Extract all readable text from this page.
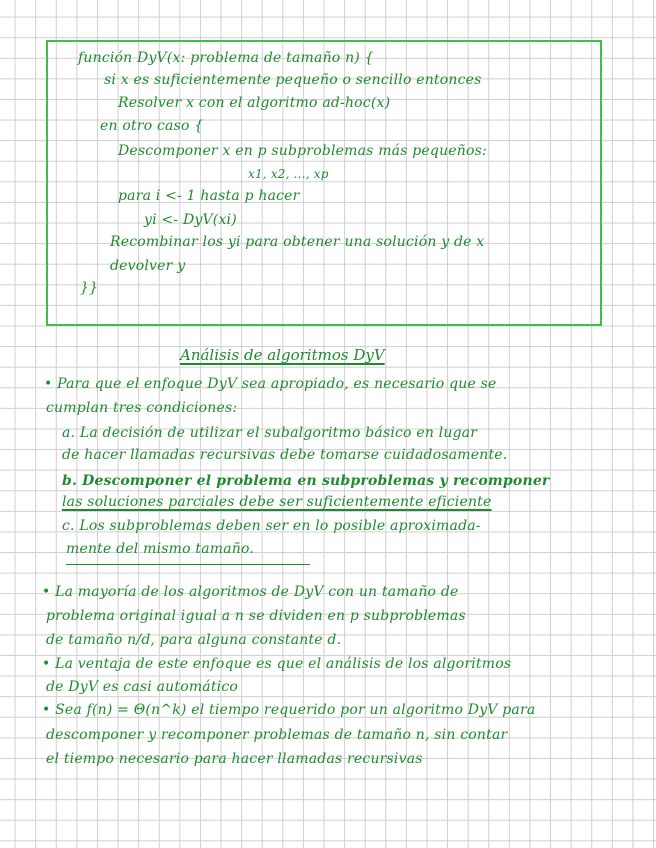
función DyV(x: problema de tamaño n) {
si x es suficientemente pequeño o sencillo entonces
Resolver x con el algoritmo ad-hoc(x)
en otro caso {
Descomponer x en p subproblemas más pequeños:
x1, x2, ..., xp
para i <- 1 hasta p hacer
yi <- DyV(xi)
Recombinar los yi para obtener una solución y de x
devolver y
}}
Análisis de algoritmos DyV
• Para que el enfoque DyV sea apropiado, es necesario que se
cumplan tres condiciones:
a. La decisión de utilizar el subalgoritmo básico en lugar
de hacer llamadas recursivas debe tomarse cuidadosamente.
b. Descomponer el problema en subproblemas y recomponer
las soluciones parciales debe ser suficientemente eficiente
c. Los subproblemas deben ser en lo posible aproximada-
mente del mismo tamaño.
• La mayoría de los algoritmos de DyV con un tamaño de
problema original igual a n se dividen en p subproblemas
de tamaño n/d, para alguna constante d.
• La ventaja de este enfoque es que el análisis de los algoritmos
de DyV es casi automático
• Sea f(n) = Θ(n^k) el tiempo requerido por un algoritmo DyV para
descomponer y recomponer problemas de tamaño n, sin contar
el tiempo necesario para hacer llamadas recursivas
